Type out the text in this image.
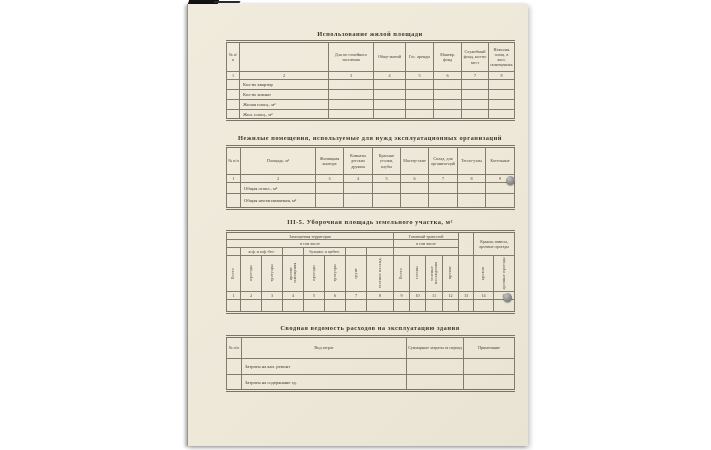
Использование жилой площади
№ п/п		Для по-семейного заселения	Обще-житий	Гос. аренды	Маневр. фонд	Служебный фонд, кол-во мест	Нежилая площ. в жил. помещениях
1	2	3	4	5	6	7	8
	Кол-во квартир						
	Кол-во комнат						
	Жилая площ., м²						
	Жил. площ., м²						
Нежилые помещения, используемые для нужд эксплуатационных организаций
№ п/п	Площадь, м²	Жилищная контора	Комнаты детских дружин	Красные уголки, клубы	Мастер-ские	Склад. для организа-ций	Тепло-узлы	Котельные
1	2	3	4	5	6	7	8	9
	Общая отапл., м²							
	Общая неотапливаемая, м²							
III-5. Уборочная площадь земельного участка, м²
Замощенная территория								Газонный травостой					Крыши, навесы, арочные проезды	
в том числе								в том числе						
	асф. и асф.-бет.			булыжн. и щебен.										
Всего	проезды	тротуары	прочие замощения	проезды	тротуары	грунт	зеленые насажд.	Всего	газоны	зеленые насаждения	прочие		кровля	арочные проезды
1	2	3	4	5	6	7	8	9	10	11	12	13	14	

Сводная ведомость расходов на эксплуатацию здания
№ п/п	Вид затрат	Суммарные затраты за период	Примечание
	Затраты на кап. ремонт		
	Затраты на содержание зд.		
